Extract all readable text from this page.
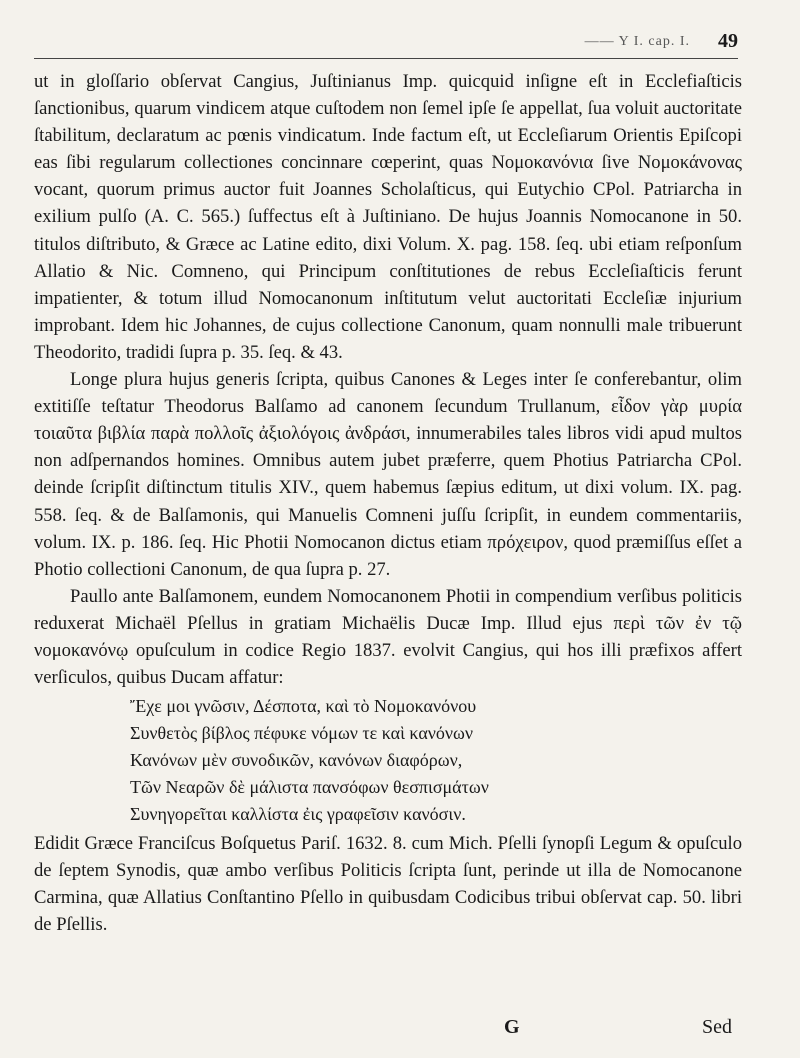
—— Y I. cap. I. 49

ut in gloſſario obſervat Cangius, Juſtinianus Imp. quicquid inſigne eſt in Ecclefiaſticis ſanctionibus, quarum vindicem atque cuſtodem non ſemel ipſe ſe appellat, ſua voluit auctoritate ſtabilitum, declaratum ac pœnis vindicatum. Inde factum eſt, ut Eccleſiarum Orientis Epiſcopi eas ſibi regularum collectiones concinnare cœperint, quas Νομοκανόνια ſive Νομοκάνονας vocant, quorum primus auctor fuit Joannes Scholaſticus, qui Eutychio CPol. Patriarcha in exilium pulſo (A. C. 565.) ſuffectus eſt à Juſtiniano. De hujus Joannis Nomocanone in 50. titulos diſtributo, & Græce ac Latine edito, dixi Volum. X. pag. 158. ſeq. ubi etiam reſponſum Allatio & Nic. Comneno, qui Principum conſtitutiones de rebus Eccleſiaſticis ferunt impatienter, & totum illud Nomocanonum inſtitutum velut auctoritati Eccleſiæ injurium improbant. Idem hic Johannes, de cujus collectione Canonum, quam nonnulli male tribuerunt Theodorito, tradidi ſupra p. 35. ſeq. & 43.

Longe plura hujus generis ſcripta, quibus Canones & Leges inter ſe conferebantur, olim extitiſſe teſtatur Theodorus Balſamo ad canonem ſecundum Trullanum, εἶδον γὰρ μυρία τοιαῦτα βιβλία παρὰ πολλοῖς ἀξιολόγοις ἀνδράσι, innumerabiles tales libros vidi apud multos non adſpernandos homines. Omnibus autem jubet præferre, quem Photius Patriarcha CPol. deinde ſcripſit diſtinctum titulis XIV., quem habemus ſæpius editum, ut dixi volum. IX. pag. 558. ſeq. & de Balſamonis, qui Manuelis Comneni juſſu ſcripſit, in eundem commentariis, volum. IX. p. 186. ſeq. Hic Photii Nomocanon dictus etiam πρόχειρον, quod præmiſſus eſſet a Photio collectioni Canonum, de qua ſupra p. 27.

Paullo ante Balſamonem, eundem Nomocanonem Photii in compendium verſibus politicis reduxerat Michaël Pſellus in gratiam Michaëlis Ducæ Imp. Illud ejus περὶ τῶν ἐν τῷ νομοκανόνῳ opuſculum in codice Regio 1837. evolvit Cangius, qui hos illi præfixos affert verſiculos, quibus Ducam affatur:

Ἔχε μοι γνῶσιν, Δέσποτα, καὶ τὸ Νομοκανόνου
Συνθετὸς βίβλος πέφυκε νόμων τε καὶ κανόνων
Κανόνων μὲν συνοδικῶν, κανόνων διαφόρων,
Τῶν Νεαρῶν δὲ μάλιστα πανσόφων θεσπισμάτων
Συνηγορεῖται καλλίστα ἐις γραφεῖσιν κανόσιν.

Edidit Græce Franciſcus Boſquetus Pariſ. 1632. 8. cum Mich. Pſelli ſynopſi Legum & opuſculo de ſeptem Synodis, quæ ambo verſibus Politicis ſcripta ſunt, perinde ut illa de Nomocanone Carmina, quæ Allatius Conſtantino Pſello in quibusdam Codicibus tribui obſervat cap. 50. libri de Pſellis.

G	Sed
